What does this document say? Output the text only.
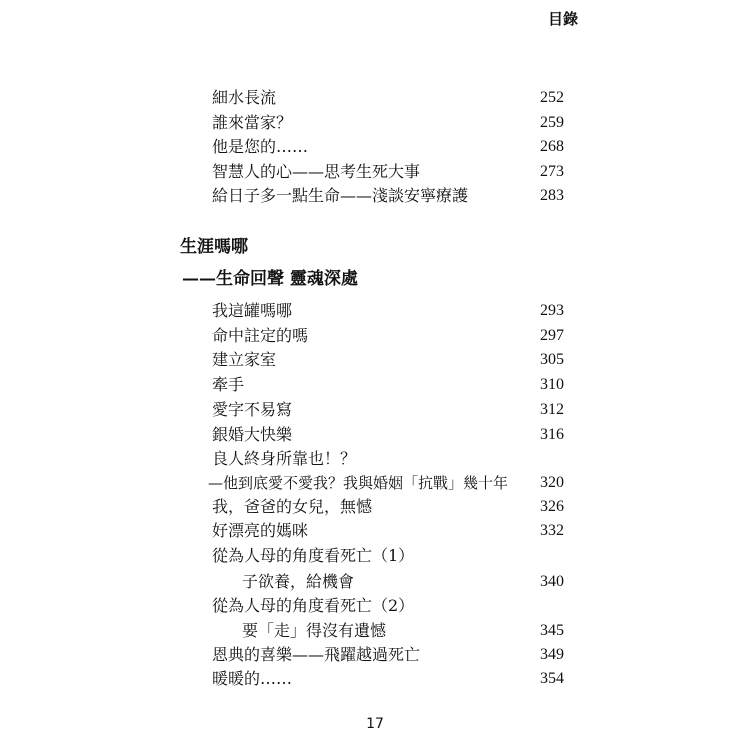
目錄
細水長流	252
誰來當家？	259
他是您的……	268
智慧人的心——思考生死大事	273
給日子多一點生命——淺談安寧療護	283
生涯嗎哪
——生命回聲 靈魂深處
我這罐嗎哪	293
命中註定的嗎	297
建立家室	305
牽手	310
愛字不易寫	312
銀婚大快樂	316
良人終身所靠也！？
—他到底愛不愛我？我與婚姻「抗戰」幾十年 320
我，爸爸的女兒，無憾	326
好漂亮的媽咪	332
從為人母的角度看死亡（1）
子欲養，給機會	340
從為人母的角度看死亡（2）
要「走」得沒有遺憾	345
恩典的喜樂——飛躍越過死亡	349
暖暖的……	354
17
